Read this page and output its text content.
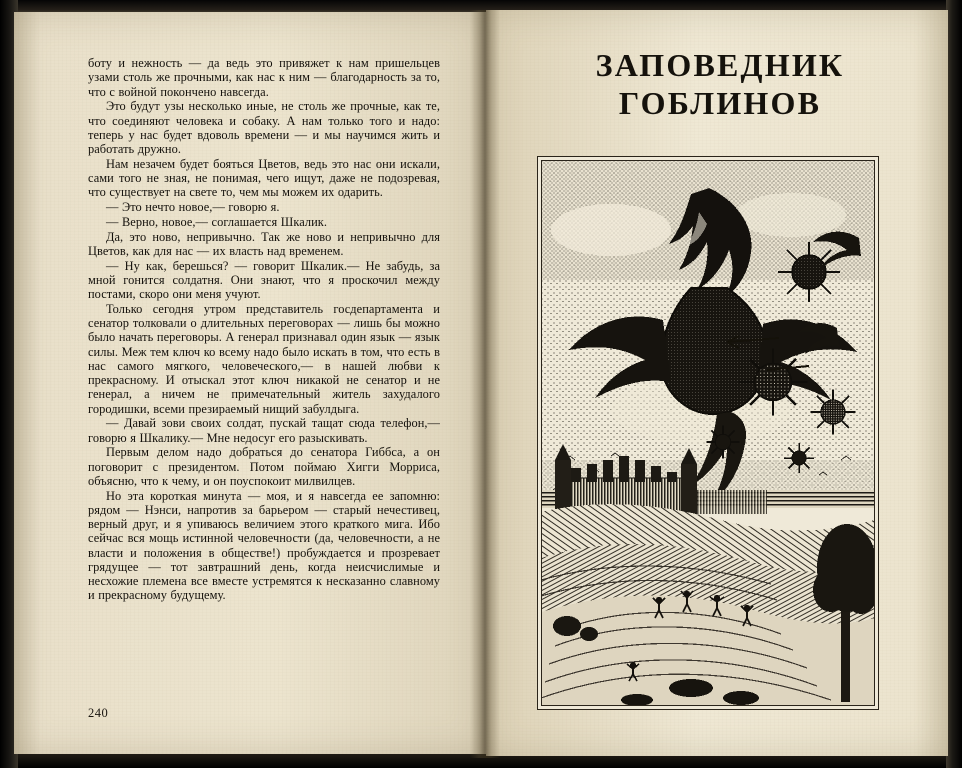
боту и нежность — да ведь это привяжет к нам пришельцев узами столь же прочными, как нас к ним — благодарность за то, что с войной покончено навсегда.

Это будут узы несколько иные, не столь же прочные, как те, что соединяют человека и собаку. А нам только того и надо: теперь у нас будет вдоволь времени — и мы научимся жить и работать дружно.

Нам незачем будет бояться Цветов, ведь это нас они искали, сами того не зная, не понимая, чего ищут, даже не подозревая, что существует на свете то, чем мы можем их одарить.

— Это нечто новое,— говорю я.

— Верно, новое,— соглашается Шкалик.

Да, это ново, непривычно. Так же ново и непривычно для Цветов, как для нас — их власть над временем.

— Ну как, берешься? — говорит Шкалик.— Не забудь, за мной гонится солдатня. Они знают, что я проскочил между постами, скоро они меня учуют.

Только сегодня утром представитель госдепартамента и сенатор толковали о длительных переговорах — лишь бы можно было начать переговоры. А генерал признавал один язык — язык силы. Меж тем ключ ко всему надо было искать в том, что есть в нас самого мягкого, человеческого,— в нашей любви к прекрасному. И отыскал этот ключ никакой не сенатор и не генерал, а ничем не примечательный житель захудалого городишки, всеми презираемый нищий забулдыга.

— Давай зови своих солдат, пускай тащат сюда телефон,— говорю я Шкалику.— Мне недосуг его разыскивать.

Первым делом надо добраться до сенатора Гиббса, а он поговорит с президентом. Потом поймаю Хигги Морриса, объясню, что к чему, и он поуспокоит милвилцев.

Но эта короткая минута — моя, и я навсегда ее запомню: рядом — Нэнси, напротив за барьером — старый нечестивец, верный друг, и я упиваюсь величием этого краткого мига. Ибо сейчас вся мощь истинной человечности (да, человечности, а не власти и положения в обществе!) пробуждается и прозревает грядущее — тот завтрашний день, когда неисчислимые и несхожие племена все вместе устремятся к несказанно славному и прекрасному будущему.

240
ЗАПОВЕДНИК
ГОБЛИНОВ
